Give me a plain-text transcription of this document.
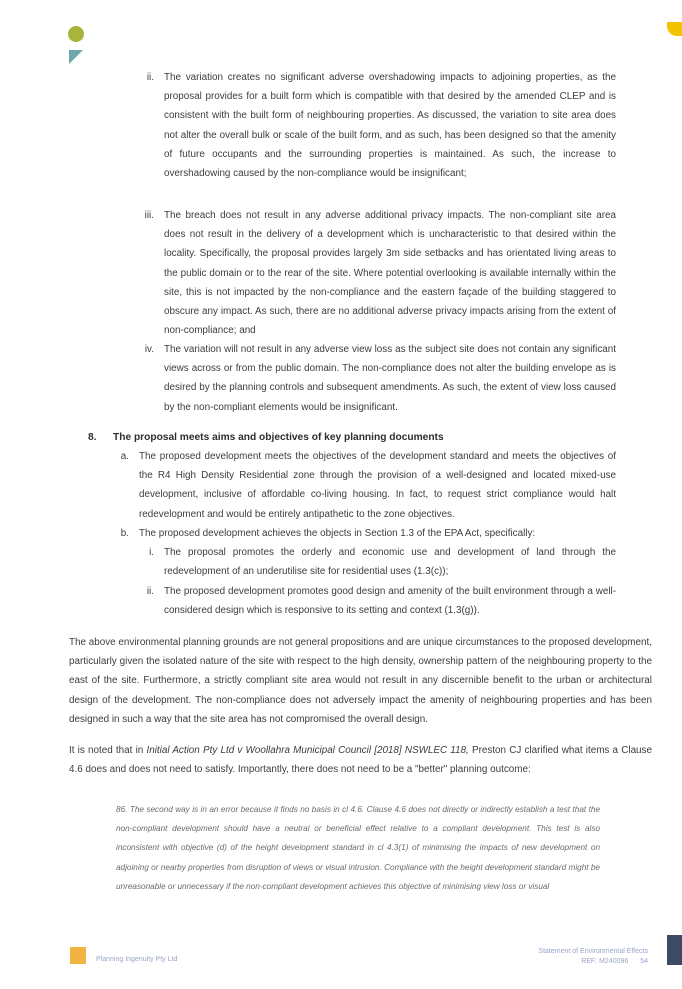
ii. The variation creates no significant adverse overshadowing impacts to adjoining properties, as the proposal provides for a built form which is compatible with that desired by the amended CLEP and is consistent with the built form of neighbouring properties. As discussed, the variation to site area does not alter the overall bulk or scale of the built form, and as such, has been designed so that the amenity of future occupants and the surrounding properties is maintained. As such, the increase to overshadowing caused by the non-compliance would be insignificant;
iii. The breach does not result in any adverse additional privacy impacts. The non-compliant site area does not result in the delivery of a development which is uncharacteristic to that desired within the locality. Specifically, the proposal provides largely 3m side setbacks and has orientated living areas to the public domain or to the rear of the site. Where potential overlooking is available internally within the site, this is not impacted by the non-compliance and the eastern façade of the building staggered to obscure any impact. As such, there are no additional adverse privacy impacts arising from the extent of non-compliance; and
iv. The variation will not result in any adverse view loss as the subject site does not contain any significant views across or from the public domain. The non-compliance does not alter the building envelope as is desired by the planning controls and subsequent amendments. As such, the extent of view loss caused by the non-compliant elements would be insignificant.
8. The proposal meets aims and objectives of key planning documents
a. The proposed development meets the objectives of the development standard and meets the objectives of the R4 High Density Residential zone through the provision of a well-designed and located mixed-use development, inclusive of affordable co-living housing. In fact, to request strict compliance would halt redevelopment and would be entirely antipathetic to the zone objectives.
b. The proposed development achieves the objects in Section 1.3 of the EPA Act, specifically:
i. The proposal promotes the orderly and economic use and development of land through the redevelopment of an underutilise site for residential uses (1.3(c));
ii. The proposed development promotes good design and amenity of the built environment through a well-considered design which is responsive to its setting and context (1.3(g)).

The above environmental planning grounds are not general propositions and are unique circumstances to the proposed development, particularly given the isolated nature of the site with respect to the high density, ownership pattern of the neighbouring property to the east of the site. Furthermore, a strictly compliant site area would not result in any discernible benefit to the urban or architectural design of the development. The non-compliance does not adversely impact the amenity of neighbouring properties and has been designed in such a way that the site area has not compromised the overall design.

It is noted that in Initial Action Pty Ltd v Woollahra Municipal Council [2018] NSWLEC 118, Preston CJ clarified what items a Clause 4.6 does and does not need to satisfy. Importantly, there does not need to be a "better" planning outcome:

86. The second way is in an error because it finds no basis in cl 4.6. Clause 4.6 does not directly or indirectly establish a test that the non-compliant development should have a neutral or beneficial effect relative to a compliant development. This test is also inconsistent with objective (d) of the height development standard in cl 4.3(1) of minimising the impacts of new development on adjoining or nearby properties from disruption of views or visual intrusion. Compliance with the height development standard might be unreasonable or unnecessary if the non-compliant development achieves this objective of minimising view loss or visual

Planning Ingenuity Pty Ltd
Statement of Environmental Effects
REF: M240096 54
